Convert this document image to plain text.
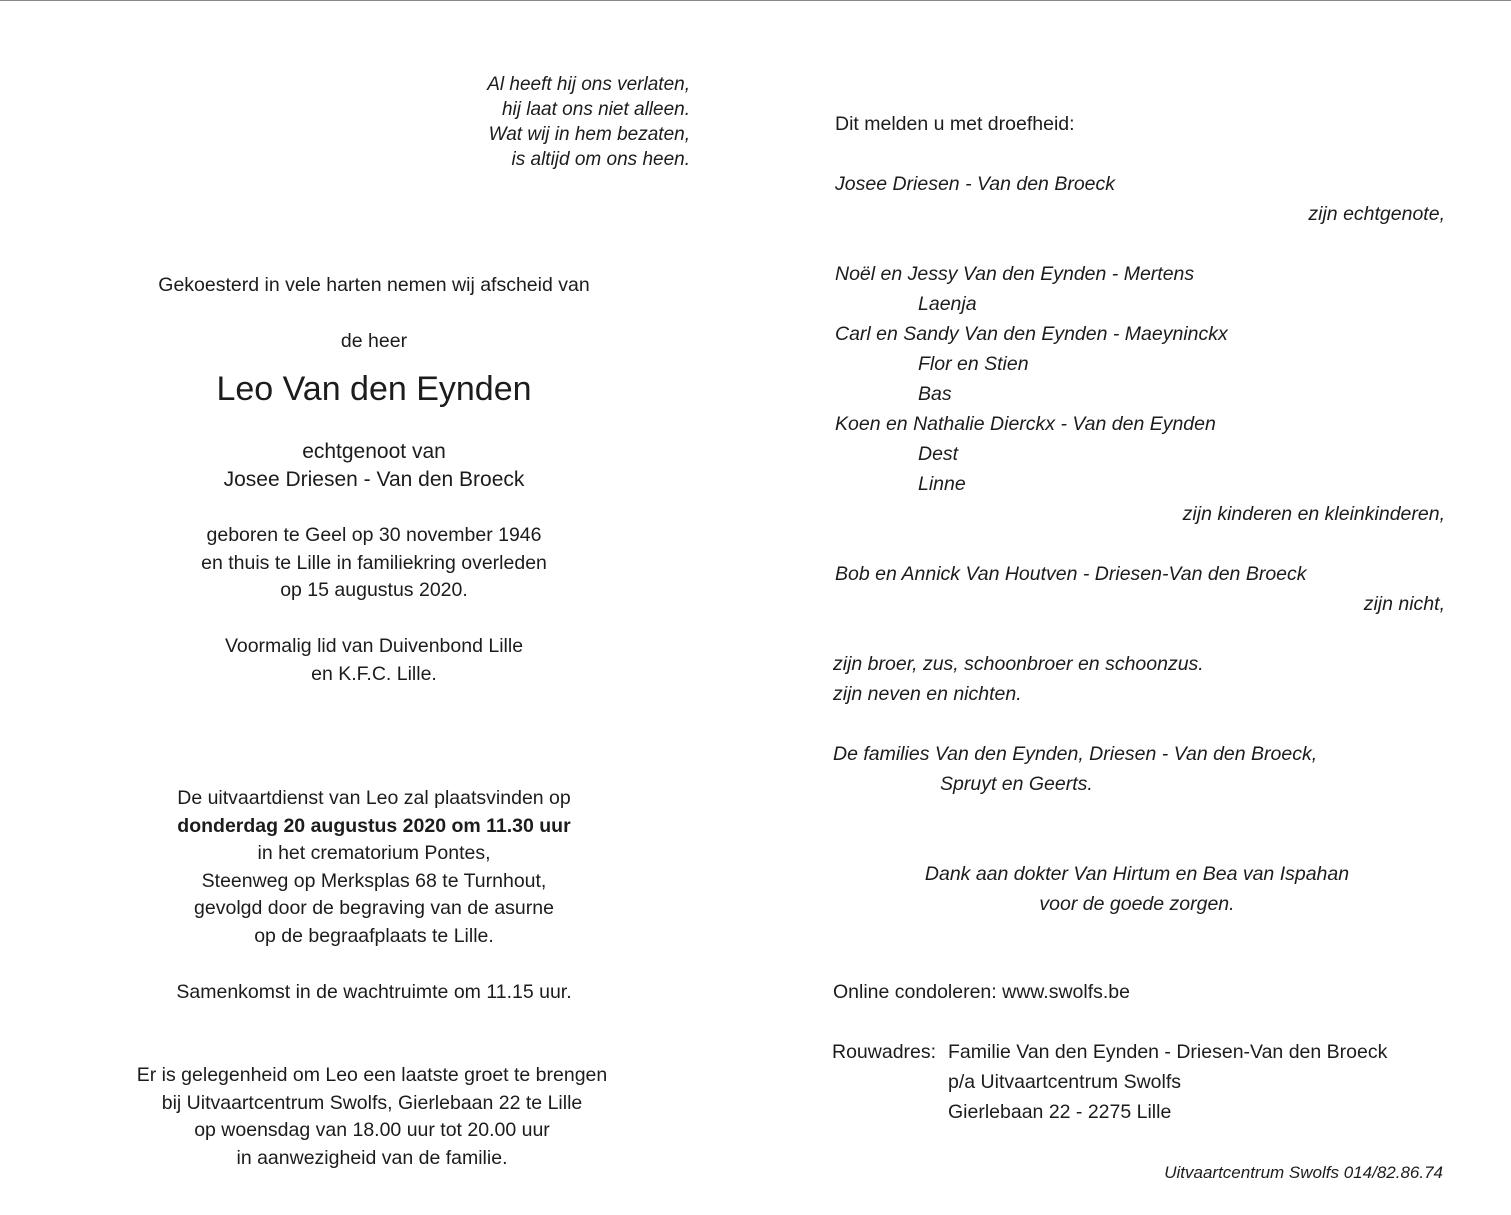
Al heeft hij ons verlaten,
hij laat ons niet alleen.
Wat wij in hem bezaten,
is altijd om ons heen.
Gekoesterd in vele harten nemen wij afscheid van
de heer
Leo Van den Eynden
echtgenoot van
Josee Driesen - Van den Broeck
geboren te Geel op 30 november 1946
en thuis te Lille in familiekring overleden
op 15 augustus 2020.
Voormalig lid van Duivenbond Lille
en K.F.C. Lille.
De uitvaartdienst van Leo zal plaatsvinden op
donderdag 20 augustus 2020 om 11.30 uur
in het crematorium Pontes,
Steenweg op Merksplas 68 te Turnhout,
gevolgd door de begraving van de asurne
op de begraafplaats te Lille.
Samenkomst in de wachtruimte om 11.15 uur.
Er is gelegenheid om Leo een laatste groet te brengen
bij Uitvaartcentrum Swolfs, Gierlebaan 22 te Lille
op woensdag van 18.00 uur tot 20.00 uur
in aanwezigheid van de familie.
Dit melden u met droefheid:
Josee Driesen - Van den Broeck
zijn echtgenote,
Noël en Jessy Van den Eynden - Mertens
Laenja
Carl en Sandy Van den Eynden - Maeyninckx
Flor en Stien
Bas
Koen en Nathalie Dierckx - Van den Eynden
Dest
Linne
zijn kinderen en kleinkinderen,
Bob en Annick Van Houtven - Driesen-Van den Broeck
zijn nicht,
zijn broer, zus, schoonbroer en schoonzus.
zijn neven en nichten.
De families Van den Eynden, Driesen - Van den Broeck,
Spruyt en Geerts.
Dank aan dokter Van Hirtum en Bea van Ispahan
voor de goede zorgen.
Online condoleren: www.swolfs.be
Rouwadres: Familie Van den Eynden - Driesen-Van den Broeck
p/a Uitvaartcentrum Swolfs
Gierlebaan 22 - 2275 Lille
Uitvaartcentrum Swolfs 014/82.86.74
